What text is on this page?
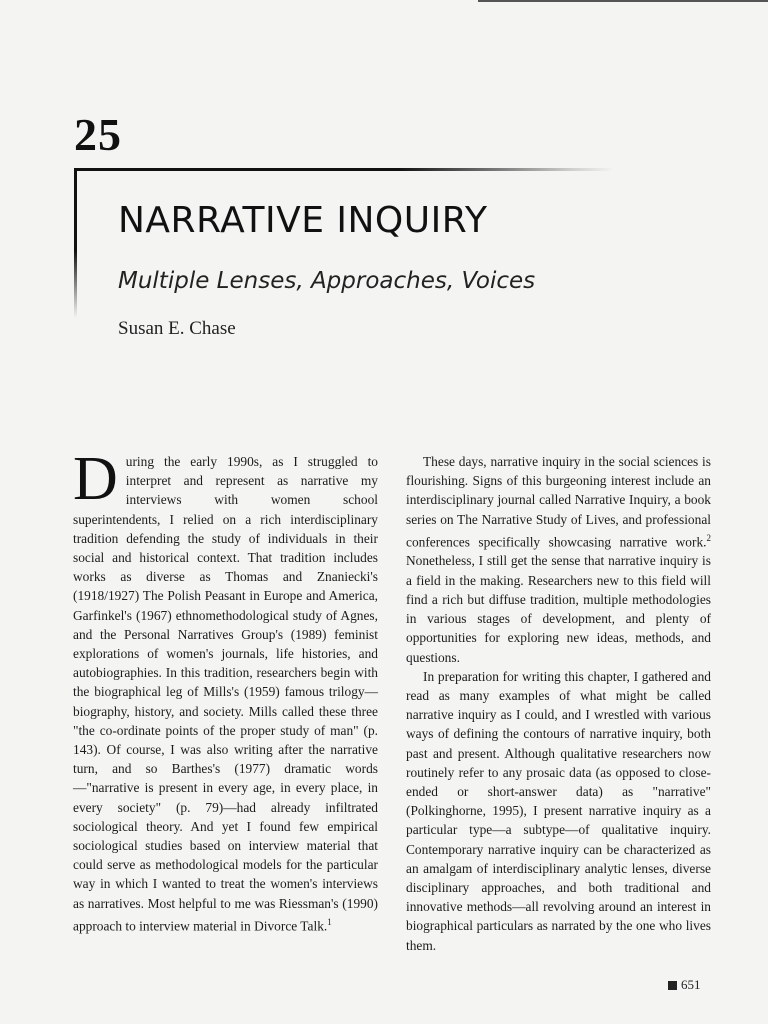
25
NARRATIVE INQUIRY
Multiple Lenses, Approaches, Voices
Susan E. Chase

During the early 1990s, as I struggled to interpret and represent as narrative my interviews with women school superintendents, I relied on a rich interdisciplinary tradition defending the study of individuals in their social and historical context. That tradition includes works as diverse as Thomas and Znaniecki's (1918/1927) The Polish Peasant in Europe and America, Garfinkel's (1967) ethnomethodological study of Agnes, and the Personal Narratives Group's (1989) feminist explorations of women's journals, life histories, and autobiographies. In this tradition, researchers begin with the biographical leg of Mills's (1959) famous trilogy—biography, history, and society. Mills called these three "the co-ordinate points of the proper study of man" (p. 143). Of course, I was also writing after the narrative turn, and so Barthes's (1977) dramatic words—"narrative is present in every age, in every place, in every society" (p. 79)—had already infiltrated sociological theory. And yet I found few empirical sociological studies based on interview material that could serve as methodological models for the particular way in which I wanted to treat the women's interviews as narratives. Most helpful to me was Riessman's (1990) approach to interview material in Divorce Talk.$^1$

These days, narrative inquiry in the social sciences is flourishing. Signs of this burgeoning interest include an interdisciplinary journal called Narrative Inquiry, a book series on The Narrative Study of Lives, and professional conferences specifically showcasing narrative work.$^2$ Nonetheless, I still get the sense that narrative inquiry is a field in the making. Researchers new to this field will find a rich but diffuse tradition, multiple methodologies in various stages of development, and plenty of opportunities for exploring new ideas, methods, and questions.

In preparation for writing this chapter, I gathered and read as many examples of what might be called narrative inquiry as I could, and I wrestled with various ways of defining the contours of narrative inquiry, both past and present. Although qualitative researchers now routinely refer to any prosaic data (as opposed to close-ended or short-answer data) as "narrative" (Polkinghorne, 1995), I present narrative inquiry as a particular type—a subtype—of qualitative inquiry. Contemporary narrative inquiry can be characterized as an amalgam of interdisciplinary analytic lenses, diverse disciplinary approaches, and both traditional and innovative methods—all revolving around an interest in biographical particulars as narrated by the one who lives them.

651
